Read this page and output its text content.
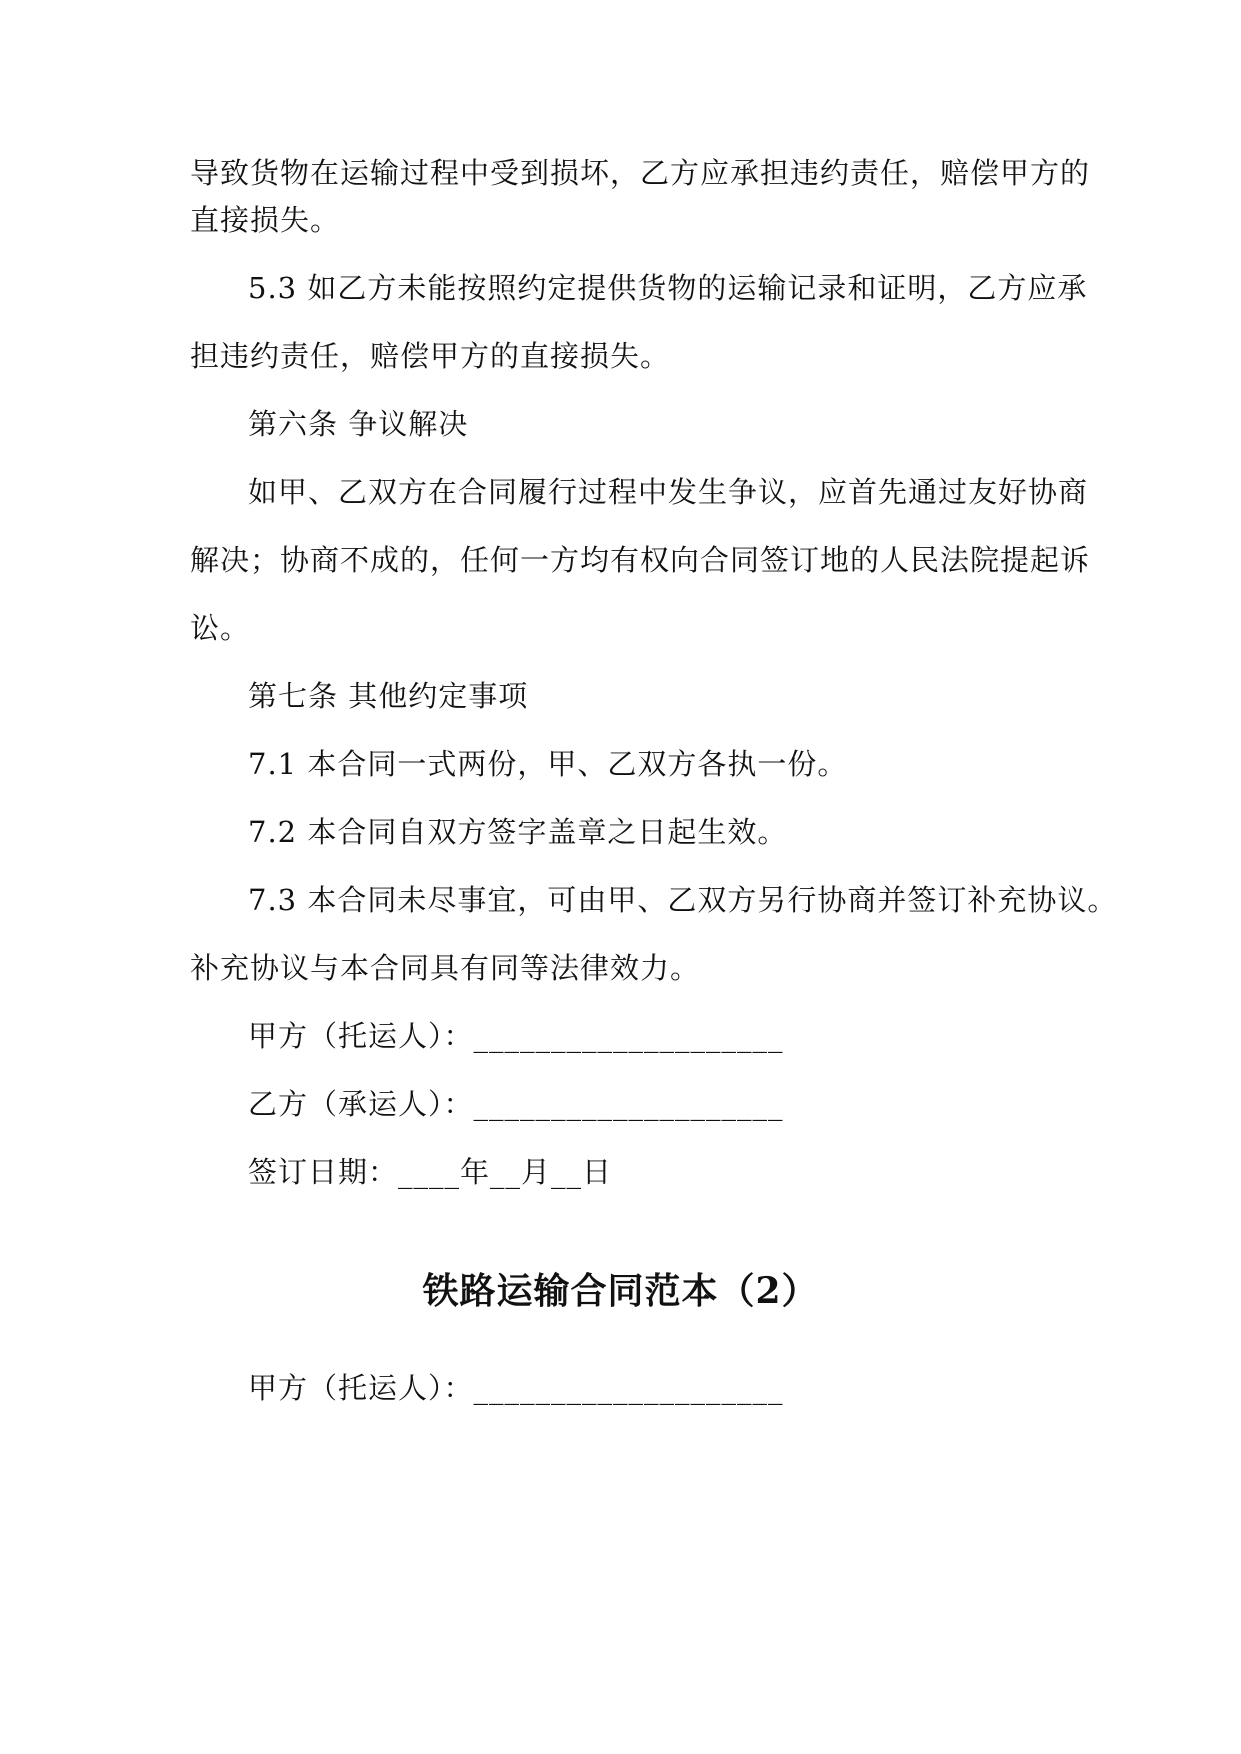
导致货物在运输过程中受到损坏，乙方应承担违约责任，赔偿甲方的
直接损失。
5.3 如乙方未能按照约定提供货物的运输记录和证明，乙方应承
担违约责任，赔偿甲方的直接损失。
第六条 争议解决
如甲、乙双方在合同履行过程中发生争议，应首先通过友好协商
解决；协商不成的，任何一方均有权向合同签订地的人民法院提起诉
讼。
第七条 其他约定事项
7.1 本合同一式两份，甲、乙双方各执一份。
7.2 本合同自双方签字盖章之日起生效。
7.3 本合同未尽事宜，可由甲、乙双方另行协商并签订补充协议。
补充协议与本合同具有同等法律效力。
甲方（托运人）：____________________
乙方（承运人）：____________________
签订日期：____年__月__日
铁路运输合同范本（2）
甲方（托运人）：____________________
